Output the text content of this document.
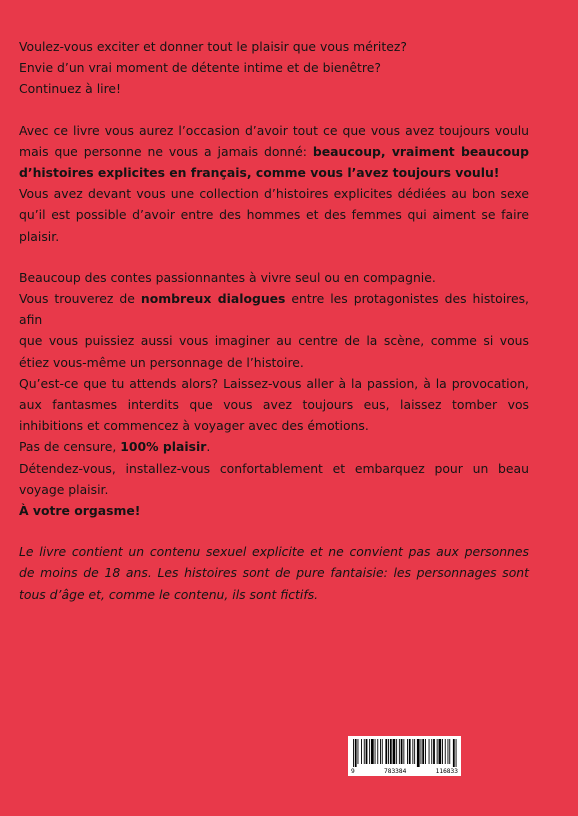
Voulez-vous exciter et donner tout le plaisir que vous méritez?
Envie d’un vrai moment de détente intime et de bienêtre?
Continuez à lire!
Avec ce livre vous aurez l’occasion d’avoir tout ce que vous avez toujours voulu
mais que personne ne vous a jamais donné: beaucoup, vraiment beaucoup
d’histoires explicites en français, comme vous l’avez toujours voulu!
Vous avez devant vous une collection d’histoires explicites dédiées au bon sexe
qu’il est possible d’avoir entre des hommes et des femmes qui aiment se faire
plaisir.
Beaucoup des contes passionnantes à vivre seul ou en compagnie.
Vous trouverez de nombreux dialogues entre les protagonistes des histoires, afin
que vous puissiez aussi vous imaginer au centre de la scène, comme si vous
étiez vous-même un personnage de l’histoire.
Qu’est-ce que tu attends alors? Laissez-vous aller à la passion, à la provocation,
aux fantasmes interdits que vous avez toujours eus, laissez tomber vos
inhibitions et commencez à voyager avec des émotions.
Pas de censure, 100% plaisir.
Détendez-vous, installez-vous confortablement et embarquez pour un beau
voyage plaisir.
À votre orgasme!
Le livre contient un contenu sexuel explicite et ne convient pas aux personnes
de moins de 18 ans. Les histoires sont de pure fantaisie: les personnages sont
tous d’âge et, comme le contenu, ils sont fictifs.
9	783384	116833
